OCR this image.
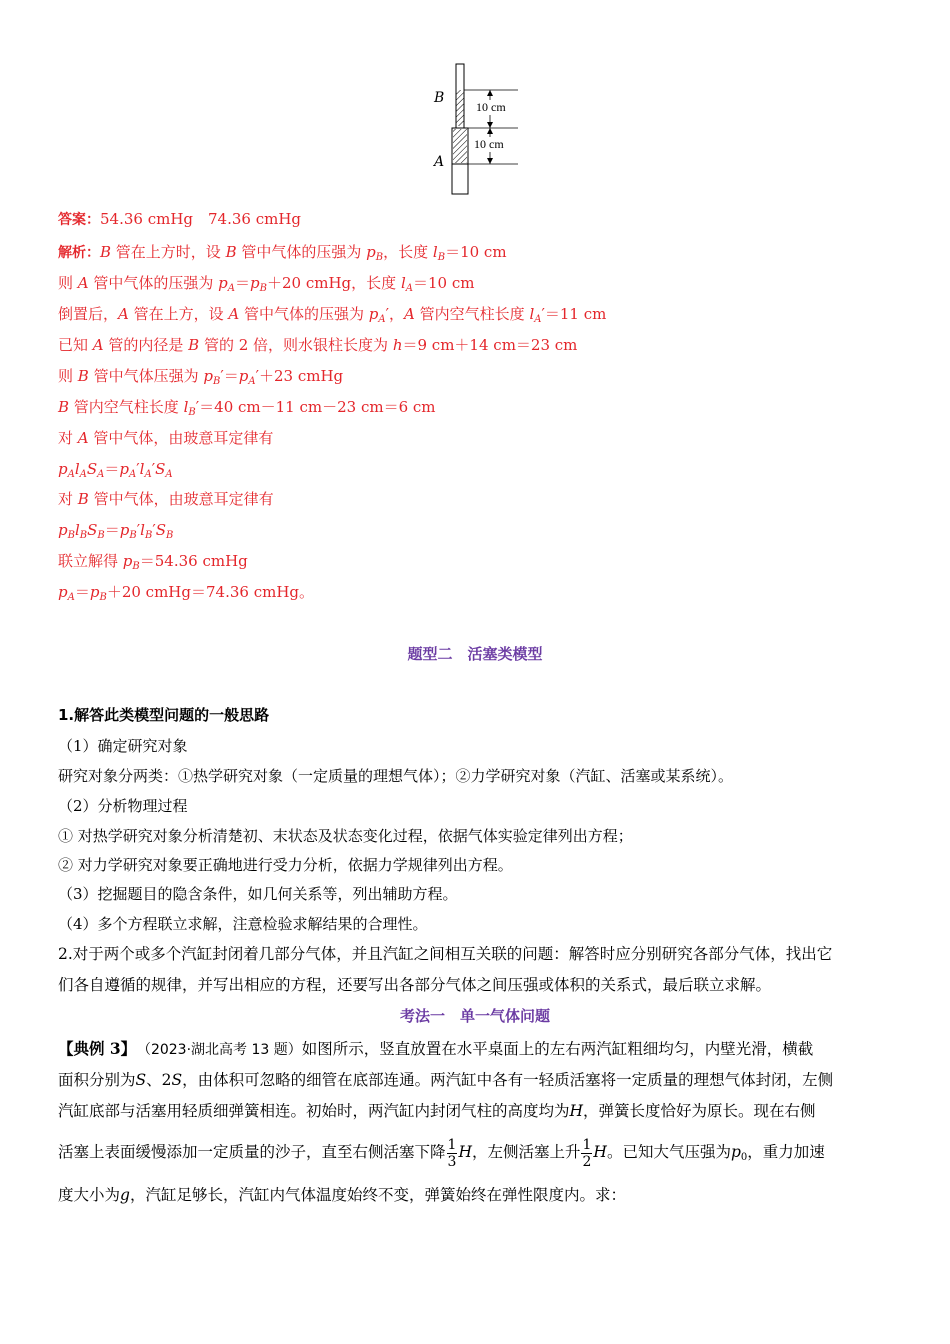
B
A
10 cm
10 cm
答案：54.36 cmHg　74.36 cmHg
解析：B 管在上方时，设 B 管中气体的压强为 $p_B$，长度 $l_B=10$ cm
则 A 管中气体的压强为 $p_A=p_B+20$ cmHg，长度 $l_A=10$ cm
倒置后，A 管在上方，设 A 管中气体的压强为 $p_A'$，A 管内空气柱长度 $l_A'=11$ cm
已知 A 管的内径是 B 管的 2 倍，则水银柱长度为 h＝9 cm＋14 cm＝23 cm
则 B 管中气体压强为 $p_B'=p_A'+23$ cmHg
B 管内空气柱长度 $l_B'=40$ cm－11 cm－23 cm＝6 cm
对 A 管中气体，由玻意耳定律有
$p_Al_AS_A=p_A'l_A'S_A$
对 B 管中气体，由玻意耳定律有
$p_Bl_BS_B=p_B'l_B'S_B$
联立解得 $p_B=54.36$ cmHg
$p_A=p_B+20$ cmHg＝74.36 cmHg。
题型二　活塞类模型
1.解答此类模型问题的一般思路
（1）确定研究对象
研究对象分两类：①热学研究对象（一定质量的理想气体）；②力学研究对象（汽缸、活塞或某系统）。
（2）分析物理过程
① 对热学研究对象分析清楚初、末状态及状态变化过程，依据气体实验定律列出方程；
② 对力学研究对象要正确地进行受力分析，依据力学规律列出方程。
（3）挖掘题目的隐含条件，如几何关系等，列出辅助方程。
（4）多个方程联立求解，注意检验求解结果的合理性。
2.对于两个或多个汽缸封闭着几部分气体，并且汽缸之间相互关联的问题：解答时应分别研究各部分气体，找出它
们各自遵循的规律，并写出相应的方程，还要写出各部分气体之间压强或体积的关系式，最后联立求解。
考法一　单一气体问题
【典例 3】　 （2023·湖北高考 13 题）如图所示，竖直放置在水平桌面上的左右两汽缸粗细均匀，内壁光滑，横截
面积分别为S、2S，由体积可忽略的细管在底部连通。两汽缸中各有一轻质活塞将一定质量的理想气体封闭，左侧
汽缸底部与活塞用轻质细弹簧相连。初始时，两汽缸内封闭气柱的高度均为H，弹簧长度恰好为原长。现在右侧
活塞上表面缓慢添加一定质量的沙子，直至右侧活塞下降 $\frac{1}{3}$ H，左侧活塞上升 $\frac{1}{2}$ H。已知大气压强为$p_0$，重力加速
度大小为g，汽缸足够长，汽缸内气体温度始终不变，弹簧始终在弹性限度内。求：
